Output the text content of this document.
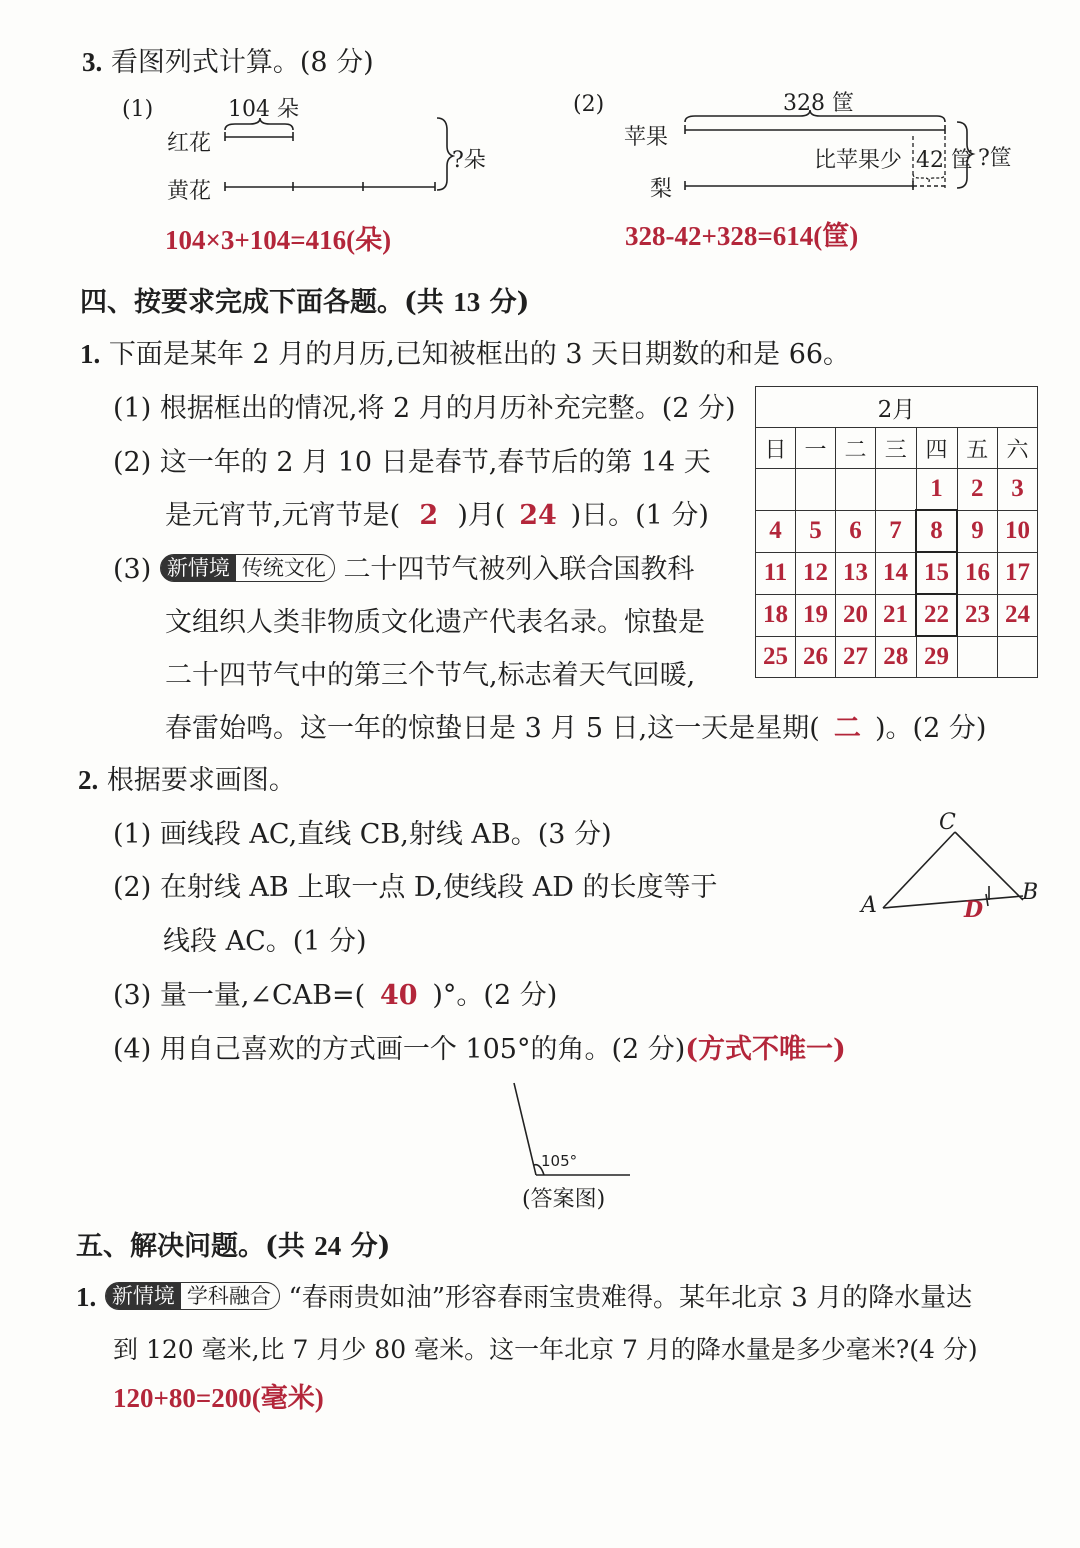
3. 看图列式计算。(8 分)
(1)	104 朵
红花
黄花
?朵
104×3+104=416(朵)
(2)	328 筐
苹果
梨
比苹果少 42 筐 ?筐
328-42+328=614(筐)
四、按要求完成下面各题。(共 13 分)
1. 下面是某年 2 月的月历,已知被框出的 3 天日期数的和是 66。
(1) 根据框出的情况,将 2 月的月历补充完整。(2 分)
(2) 这一年的 2 月 10 日是春节,春节后的第 14 天
是元宵节,元宵节是( 2 )月( 24 )日。(1 分)
(3) 新情境 传统文化 二十四节气被列入联合国教科
文组织人类非物质文化遗产代表名录。惊蛰是
二十四节气中的第三个节气,标志着天气回暖,
春雷始鸣。这一年的惊蛰日是 3 月 5 日,这一天是星期( 二 )。(2 分)
2月						
日	一	二	三	四	五	六
				1	2	3
4	5	6	7	8	9	10
11	12	13	14	15	16	17
18	19	20	21	22	23	24
25	26	27	28	29		
2. 根据要求画图。
(1) 画线段 AC,直线 CB,射线 AB。(3 分)
(2) 在射线 AB 上取一点 D,使线段 AD 的长度等于
线段 AC。(1 分)
(3) 量一量,∠CAB=( 40 )°。(2 分)
(4) 用自己喜欢的方式画一个 105°的角。(2 分)(方式不唯一)
C
A
B
D
105°
(答案图)
五、解决问题。(共 24 分)
1. 新情境 学科融合 “春雨贵如油”形容春雨宝贵难得。某年北京 3 月的降水量达
到 120 毫米,比 7 月少 80 毫米。这一年北京 7 月的降水量是多少毫米?(4 分)
120+80=200(毫米)
